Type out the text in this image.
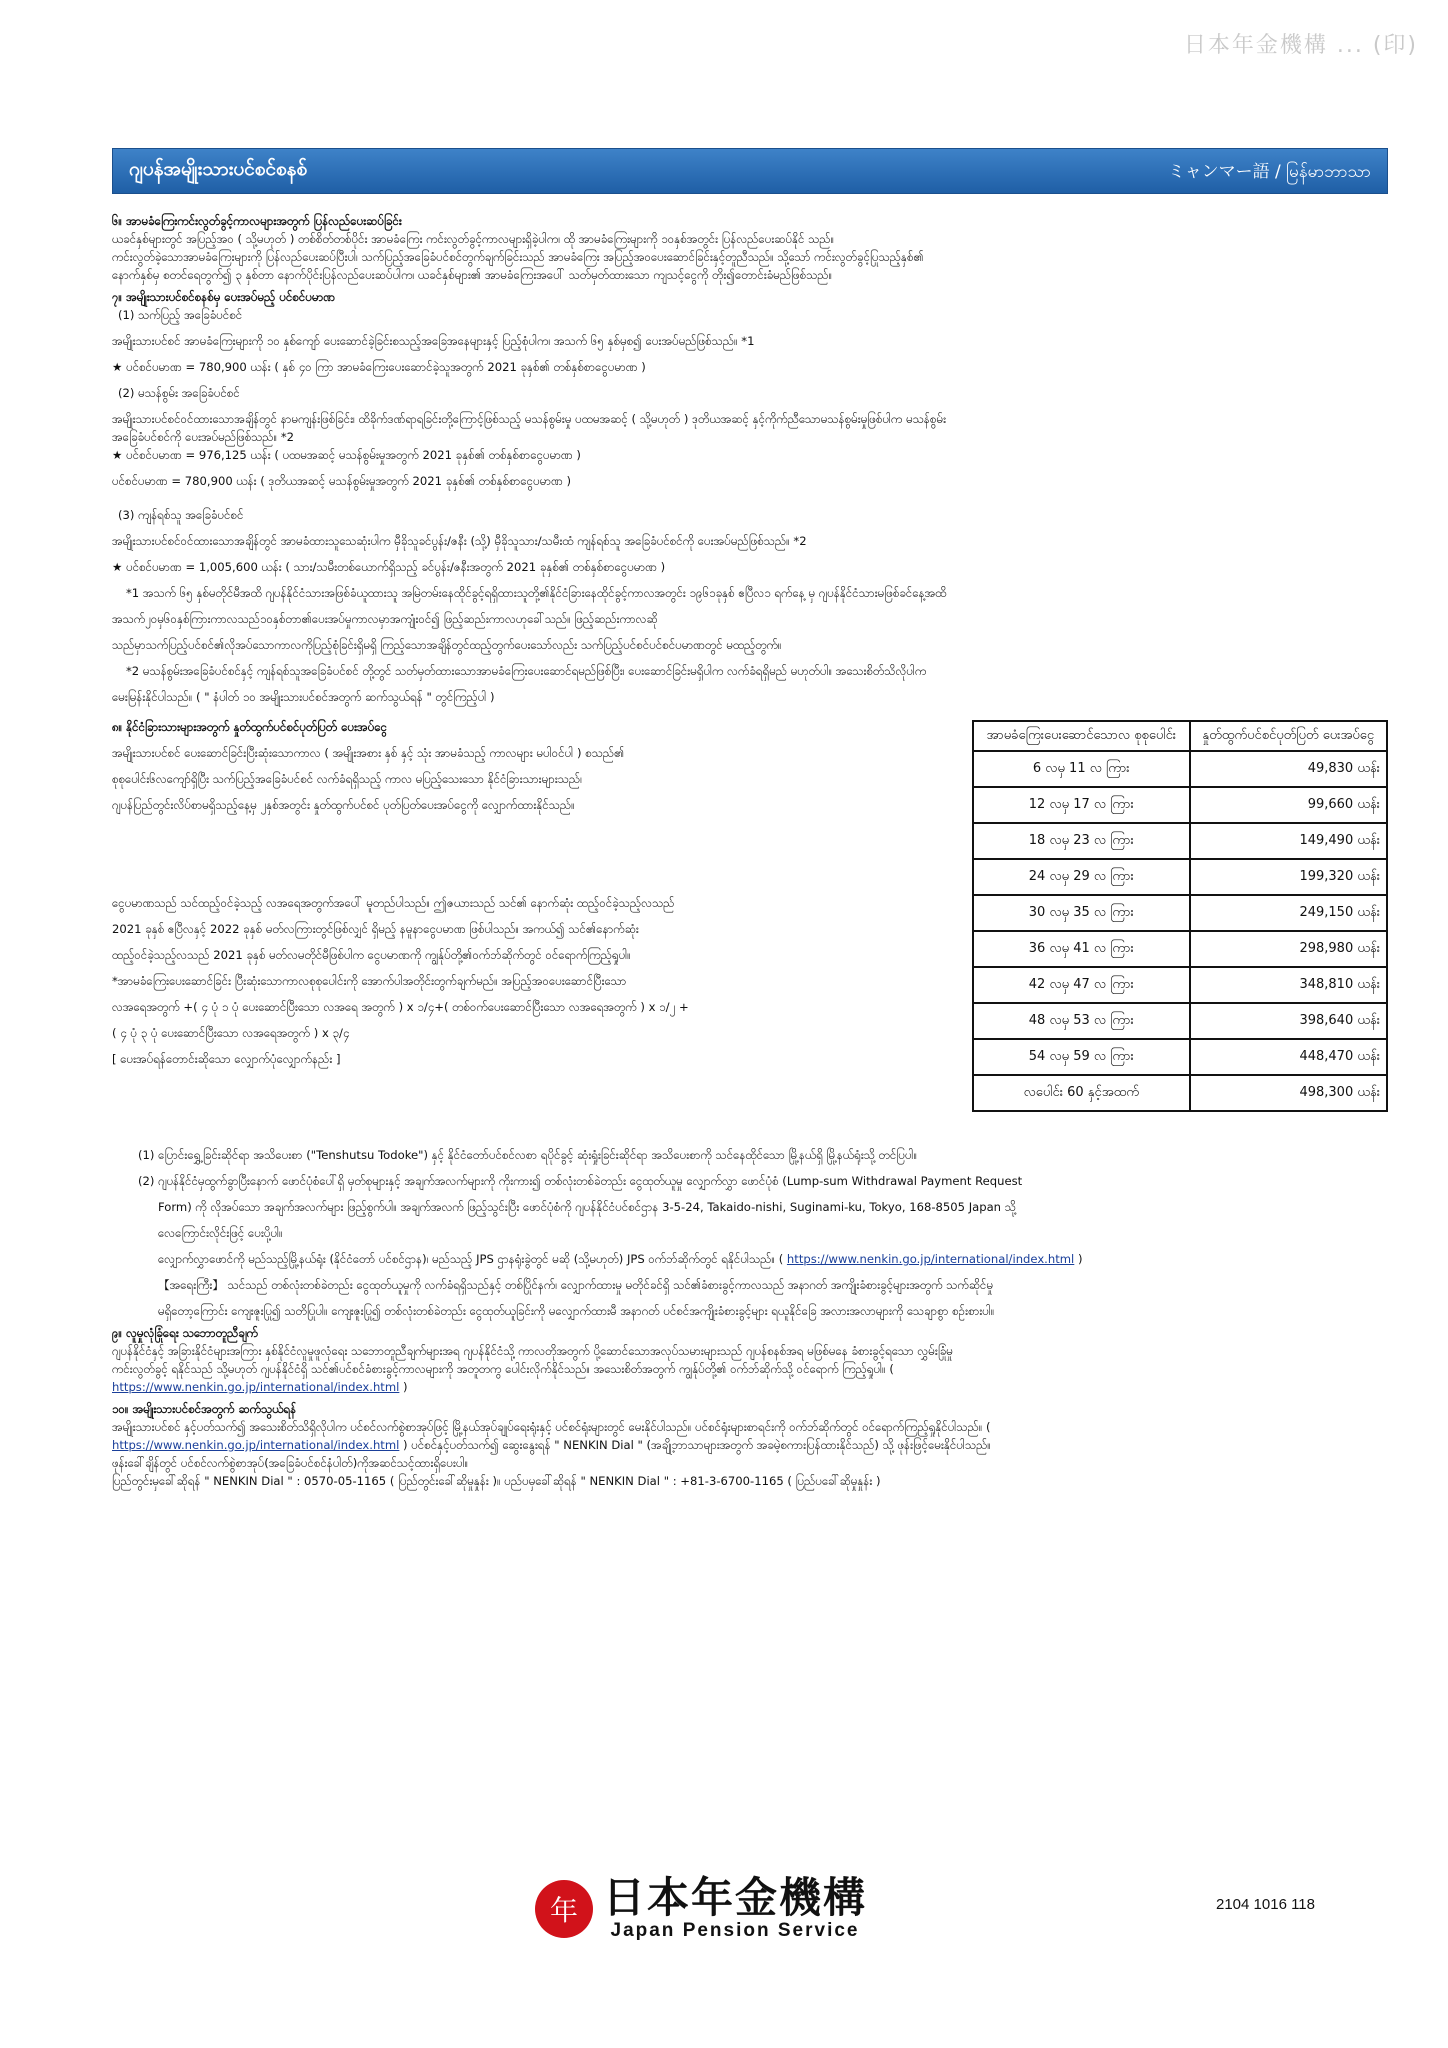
日本年金機構 ... (印)
ဂျပန်အမျိုးသားပင်စင်စနစ်	ミャンマー語 / မြန်မာဘာသာ
၆။ အာမခံကြေးကင်းလွတ်ခွင့်ကာလများအတွက် ပြန်လည်ပေးဆပ်ခြင်း

ယခင်နှစ်များတွင် အပြည့်အဝ ( သို့မဟုတ် ) တစ်စိတ်တစ်ပိုင်း အာမခံကြေး ကင်းလွတ်ခွင့်ကာလများရှိခဲ့ပါက၊ ထို အာမခံကြေးများကို ၁၀နှစ်အတွင်း ပြန်လည်ပေးဆပ်နိုင် သည်။

ကင်းလွတ်ခဲ့သောအာမခံကြေးများကို ပြန်လည်ပေးဆပ်ပြီးပါ၊ သက်ပြည့်အခြေခံပင်စင်တွက်ချက်ခြင်းသည် အာမခံကြေး အပြည့်အဝပေးဆောင်ခြင်းနှင့်တူညီသည်။ သို့သော် ကင်းလွတ်ခွင့်ပြုသည့်နှစ်၏

နောက်နှစ်မှ စတင်ရေတွက်၍ ၃ နှစ်တာ နောက်ပိုင်းပြန်လည်ပေးဆပ်ပါက၊ ယခင်နှစ်များ၏ အာမခံကြေးအပေါ် သတ်မှတ်ထားသော ကျသင့်ငွေကို တိုး၍တောင်းခံမည်ဖြစ်သည်။

၇။ အမျိုးသားပင်စင်စနစ်မှ ပေးအပ်မည့် ပင်စင်ပမာဏ

(1) သက်ပြည့် အခြေခံပင်စင်

အမျိုးသားပင်စင် အာမခံကြေးများကို ၁၀ နှစ်ကျော် ပေးဆောင်ခဲ့ခြင်းစသည့်အခြေအနေများနှင့် ပြည့်စုံပါက၊ အသက် ၆၅ နှစ်မှစ၍ ပေးအပ်မည်ဖြစ်သည်။ *1

★ ပင်စင်ပမာဏ = 780,900 ယန်း ( နှစ် ၄၀ ကြာ အာမခံကြေးပေးဆောင်ခဲ့သူအတွက် 2021 ခုနှစ်၏ တစ်နှစ်စာငွေပမာဏ )

(2) မသန်စွမ်း အခြေခံပင်စင်

အမျိုးသားပင်စင်ဝင်ထားသောအချိန်တွင် နာမကျန်းဖြစ်ခြင်း၊ ထိခိုက်ဒဏ်ရာရခြင်းတို့ကြောင့်ဖြစ်သည့် မသန်စွမ်းမှု ပထမအဆင့် ( သို့မဟုတ် ) ဒုတိယအဆင့် နှင့်ကိုက်ညီသောမသန်စွမ်းမှုဖြစ်ပါက မသန်စွမ်း

အခြေခံပင်စင်ကို ပေးအပ်မည်ဖြစ်သည်။ *2

★ ပင်စင်ပမာဏ = 976,125 ယန်း ( ပထမအဆင့် မသန်စွမ်းမှုအတွက် 2021 ခုနှစ်၏ တစ်နှစ်စာငွေပမာဏ )

ပင်စင်ပမာဏ = 780,900 ယန်း ( ဒုတိယအဆင့် မသန်စွမ်းမှုအတွက် 2021 ခုနှစ်၏ တစ်နှစ်စာငွေပမာဏ )

(3) ကျန်ရစ်သူ အခြေခံပင်စင်

အမျိုးသားပင်စင်ဝင်ထားသောအချိန်တွင် အာမခံထားသူသေဆုံးပါက မှီခိုသူခင်ပွန်း/ဇနီး (သို့) မှီခိုသူသား/သမီးထံ ကျန်ရစ်သူ အခြေခံပင်စင်ကို ပေးအပ်မည်ဖြစ်သည်။ *2

★ ပင်စင်ပမာဏ = 1,005,600 ယန်း ( သား/သမီးတစ်ယောက်ရှိသည့် ခင်ပွန်း/ဇနီးအတွက် 2021 ခုနှစ်၏ တစ်နှစ်စာငွေပမာဏ )

*1 အသက် ၆၅ နှစ်မတိုင်မီအထိ ဂျပန်နိုင်ငံသားအဖြစ်ခံယူထားသူ အမြဲတမ်းနေထိုင်ခွင့်ရရှိထားသူတို့၏နိုင်ငံခြားနေထိုင်ခွင့်ကာလအတွင်း ၁၉၆၁ခုနှစ် ဧပြီလ၁ ရက်နေ့ မှ ဂျပန်နိုင်ငံသားမဖြစ်ခင်နေ့အထိ

အသက်၂၀မှ၆၀နှစ်ကြားကာလသည်၁၀နှစ်တာ၏ပေးအပ်မှုကာလမှာအကျုံးဝင်၍ ဖြည့်ဆည်းကာလဟုခေါ်သည်။ ဖြည့်ဆည်းကာလဆို

သည်မှာသက်ပြည့်ပင်စင်၏လိုအပ်သောကာလကိုပြည့်စုံခြင်းရှိမရှိ ကြည့်သောအချိန်တွင်ထည့်တွက်ပေးသော်လည်း သက်ပြည့်ပင်စင်ပင်စင်ပမာဏတွင် မထည့်တွက်။

*2 မသန်စွမ်းအခြေခံပင်စင်နှင့် ကျန်ရစ်သူအခြေခံပင်စင် တို့တွင် သတ်မှတ်ထားသောအာမခံကြေးပေးဆောင်ရမည်ဖြစ်ပြီး၊ ပေးဆောင်ခြင်းမရှိပါက လက်ခံရရှိမည် မဟုတ်ပါ။ အသေးစိတ်သိလိုပါက

မေးမြန်းနိုင်ပါသည်။ ( " နံပါတ် ၁၀ အမျိုးသားပင်စင်အတွက် ဆက်သွယ်ရန် " တွင်ကြည့်ပါ )

၈။ နိုင်ငံခြားသားများအတွက် နှုတ်ထွက်ပင်စင်ပုတ်ပြတ် ပေးအပ်ငွေ

အမျိုးသားပင်စင် ပေးဆောင်ခြင်းပြီးဆုံးသောကာလ ( အမျိုးအစား နှစ် နှင့် သုံး အာမခံသည့် ကာလများ မပါဝင်ပါ ) စသည်၏

စုစုပေါင်း၆လကျော်ရှိပြီး သက်ပြည့်အခြေခံပင်စင် လက်ခံရရှိသည့် ကာလ မပြည့်သေးသော နိုင်ငံခြားသားများသည်၊

ဂျပန်ပြည်တွင်းလိပ်စာမရှိသည့်နေ့မှ ၂နှစ်အတွင်း နှုတ်ထွက်ပင်စင် ပုတ်ပြတ်ပေးအပ်ငွေကို လျှောက်ထားနိုင်သည်။

ငွေပမာဏသည် သင်ထည့်ဝင်ခဲ့သည့် လအရေအတွက်အပေါ် မူတည်ပါသည်။ ဤဇယားသည် သင်၏ နောက်ဆုံး ထည့်ဝင်ခဲ့သည့်လသည်

2021 ခုနှစ် ဧပြီလနှင့် 2022 ခုနှစ် မတ်လကြားတွင်ဖြစ်လျှင် ရှိမည့် နမူနာငွေပမာဏ ဖြစ်ပါသည်။ အကယ်၍ သင်၏နောက်ဆုံး

ထည့်ဝင်ခဲ့သည့်လသည် 2021 ခုနှစ် မတ်လမတိုင်မီဖြစ်ပါက ငွေပမာဏကို ကျွန်ုပ်တို့၏ဝက်ဘ်ဆိုက်တွင် ဝင်ရောက်ကြည့်ရှုပါ။

*အာမခံကြေးပေးဆောင်ခြင်း ပြီးဆုံးသောကာလစုစုပေါင်းကို အောက်ပါအတိုင်းတွက်ချက်မည်။ အပြည့်အဝပေးဆောင်ပြီးသော

လအရေအတွက် +( ၄ ပုံ ၁ ပုံ ပေးဆောင်ပြီးသော လအရေ အတွက် ) x ၁/၄+( တစ်ဝက်ပေးဆောင်ပြီးသော လအရေအတွက် ) x ၁/၂ +

( ၄ ပုံ ၃ ပုံ ပေးဆောင်ပြီးသော လအရေအတွက် ) x ၃/၄

[ ပေးအပ်ရန်တောင်းဆိုသော လျှောက်ပုံလျှောက်နည်း ]

အာမခံကြေးပေးဆောင်သောလ စုစုပေါင်း	နှုတ်ထွက်ပင်စင်ပုတ်ပြတ် ပေးအပ်ငွေ
6 လမှ 11 လ ကြား	49,830 ယန်း
12 လမှ 17 လ ကြား	99,660 ယန်း
18 လမှ 23 လ ကြား	149,490 ယန်း
24 လမှ 29 လ ကြား	199,320 ယန်း
30 လမှ 35 လ ကြား	249,150 ယန်း
36 လမှ 41 လ ကြား	298,980 ယန်း
42 လမှ 47 လ ကြား	348,810 ယန်း
48 လမှ 53 လ ကြား	398,640 ယန်း
54 လမှ 59 လ ကြား	448,470 ယန်း
လပေါင်း 60 နှင့်အထက်	498,300 ယန်း

(1) ပြောင်းရွှေ့ခြင်းဆိုင်ရာ အသိပေးစာ ("Tenshutsu Todoke") နှင့် နိုင်ငံတော်ပင်စင်လစာ ရပိုင်ခွင့် ဆုံးရှုံးခြင်းဆိုင်ရာ အသိပေးစာကို သင်နေထိုင်သော မြို့နယ်ရှိ မြို့နယ်ရုံးသို့ တင်ပြပါ။

(2) ဂျပန်နိုင်ငံမှထွက်ခွာပြီးနောက် ဖောင်ပုံစံပေါ်ရှိ မှတ်စုများနှင့် အချက်အလက်များကို ကိုးကား၍ တစ်လုံးတစ်ခဲတည်း ငွေထုတ်ယူမှု လျှောက်လွှာ ဖောင်ပုံစံ (Lump-sum Withdrawal Payment Request

Form) ကို လိုအပ်သော အချက်အလက်များ ဖြည့်စွက်ပါ။ အချက်အလက် ဖြည့်သွင်းပြီး ဖောင်ပုံစံကို ဂျပန်နိုင်ငံပင်စင်ဌာန 3-5-24, Takaido-nishi, Suginami-ku, Tokyo, 168-8505 Japan သို့

လေကြောင်းလိုင်းဖြင့် ပေးပို့ပါ။

လျှောက်လွှာဖောင်ကို မည်သည့်မြို့နယ်ရုံး (နိုင်ငံတော် ပင်စင်ဌာန)၊ မည်သည့် JPS ဌာနရုံးခွဲတွင် မဆို (သို့မဟုတ်) JPS ဝက်ဘ်ဆိုက်တွင် ရနိုင်ပါသည်။ ( https://www.nenkin.go.jp/international/index.html )

【အရေးကြီး】 သင်သည် တစ်လုံးတစ်ခဲတည်း ငွေထုတ်ယူမှုကို လက်ခံရရှိသည်နှင့် တစ်ပြိုင်နက်၊ လျှောက်ထားမှု မတိုင်ခင်ရှိ သင်၏ခံစားခွင့်ကာလသည် အနာဂတ် အကျိုးခံစားခွင့်များအတွက် သက်ဆိုင်မှု

မရှိတော့ကြောင်း ကျေးဇူးပြု၍ သတိပြုပါ။ ကျေးဇူးပြု၍ တစ်လုံးတစ်ခဲတည်း ငွေထုတ်ယူခြင်းကို မလျှောက်ထားမီ အနာဂတ် ပင်စင်အကျိုးခံစားခွင့်များ ရယူနိုင်ခြေ အလားအလာများကို သေချာစွာ စဉ်းစားပါ။

၉။ လူမှုလုံခြုံရေး သဘောတူညီချက်

ဂျပန်နိုင်ငံနှင့် အခြားနိုင်ငံများအကြား နှစ်နိုင်ငံလူမှုဖူလုံရေး သဘောတူညီချက်များအရ ဂျပန်နိုင်ငံသို့ ကာလတိုအတွက် ပို့ဆောင်သောအလုပ်သမားများသည် ဂျပန်စနစ်အရ မဖြစ်မနေ ခံစားခွင့်ရသော လွှမ်းခြုံမှု

ကင်းလွတ်ခွင့် ရနိုင်သည် သို့မဟုတ် ဂျပန်နိုင်ငံရှိ သင်၏ပင်စင်ခံစားခွင့်ကာလများကို အတူတကွ ပေါင်းလိုက်နိုင်သည်။ အသေးစိတ်အတွက် ကျွန်ုပ်တို့၏ ဝက်ဘ်ဆိုက်သို့ ဝင်ရောက် ကြည့်ရှုပါ။ (

https://www.nenkin.go.jp/international/index.html )

၁၀။ အမျိုးသားပင်စင်အတွက် ဆက်သွယ်ရန်

အမျိုးသားပင်စင် နှင့်ပတ်သက်၍ အသေးစိတ်သိရှိလိုပါက ပင်စင်လက်စွဲစာအုပ်ဖြင့် မြို့နယ်အုပ်ချုပ်ရေးရုံးနှင့် ပင်စင်ရုံးများတွင် မေးနိုင်ပါသည်။ ပင်စင်ရုံးများစာရင်းကို ဝက်ဘ်ဆိုက်တွင် ဝင်ရောက်ကြည့်ရှုနိုင်ပါသည်။ (

https://www.nenkin.go.jp/international/index.html ) ပင်စင်နှင့်ပတ်သက်၍ ဆွေးနွေးရန် " NENKIN Dial " (အချို့ဘာသာများအတွက် အခမဲ့စကားပြန်ထားနိုင်သည်) သို့ ဖုန်းဖြင့်မေးနိုင်ပါသည်။

ဖုန်းခေါ်ချိန်တွင် ပင်စင်လက်စွဲစာအုပ်(အခြေခံပင်စင်နံပါတ်)ကိုအဆင်သင့်ထားရှိပေးပါ။

ပြည်တွင်းမှခေါ်ဆိုရန် " NENKIN Dial " : 0570-05-1165 ( ပြည်တွင်းခေါ်ဆိုမှုနှုန်း )။ ပည်ပမှခေါ်ဆိုရန် " NENKIN Dial " : +81-3-6700-1165 ( ပြည်ပခေါ်ဆိုမှုနှုန်း )

年 日本年金機構
Japan Pension Service
2104 1016 118
